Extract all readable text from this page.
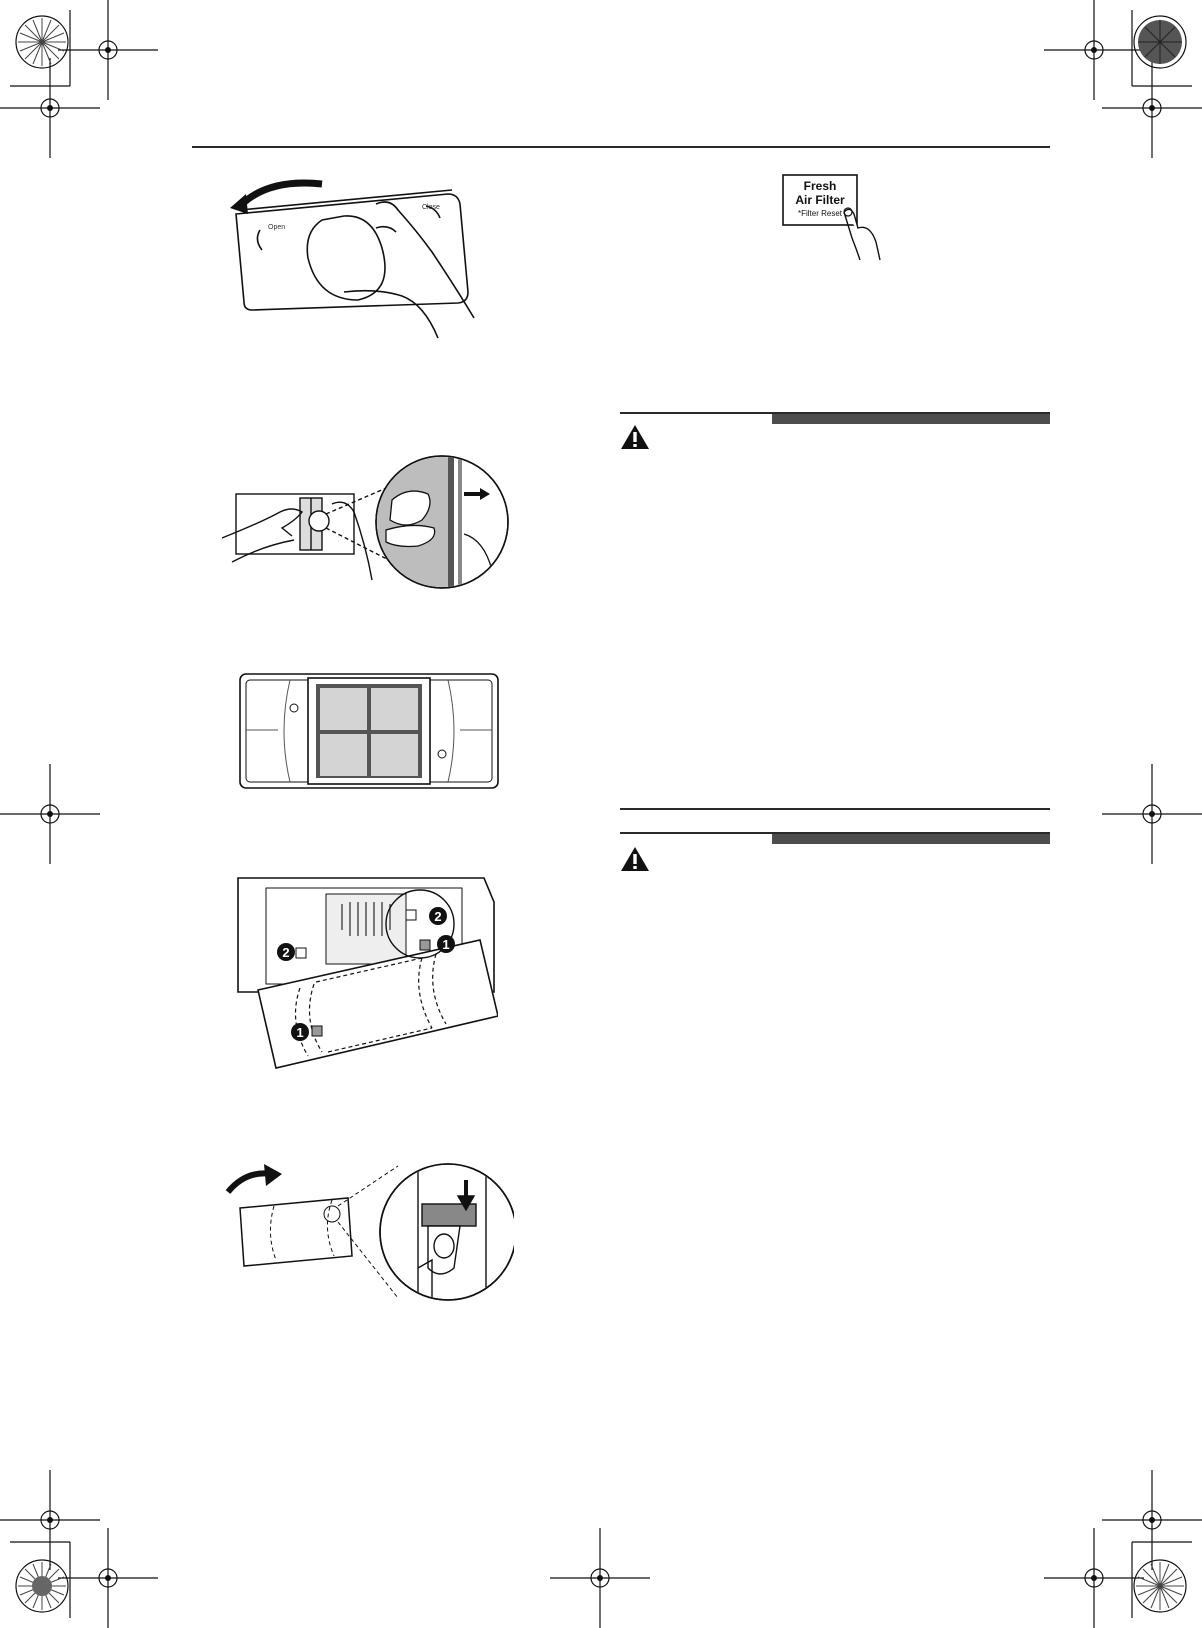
Open
Close
Fresh
Air Filter
*Filter Reset
2
1
2
1
